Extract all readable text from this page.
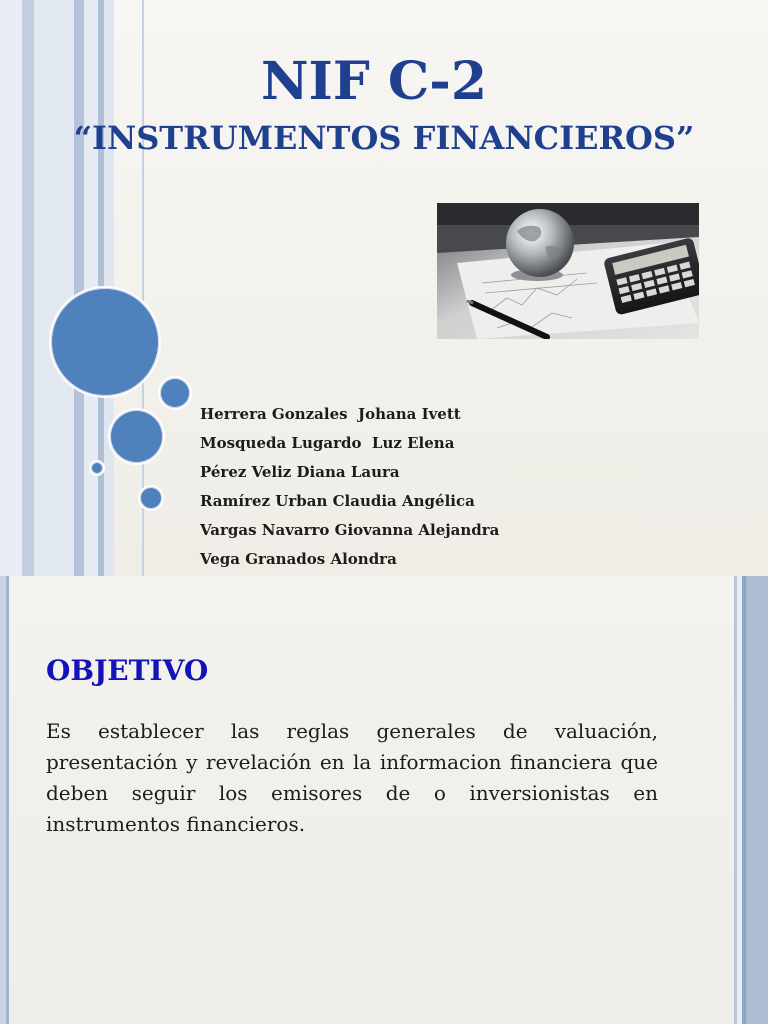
NIF C-2
“INSTRUMENTOS FINANCIEROS”
Herrera Gonzales  Johana Ivett
Mosqueda Lugardo  Luz Elena
Pérez Veliz Diana Laura
Ramírez Urban Claudia Angélica
Vargas Navarro Giovanna Alejandra
Vega Granados Alondra
OBJETIVO

Es establecer las reglas generales de valuación, presentación y revelación en la informacion financiera que deben seguir los emisores de o inversionistas en instrumentos financieros.
